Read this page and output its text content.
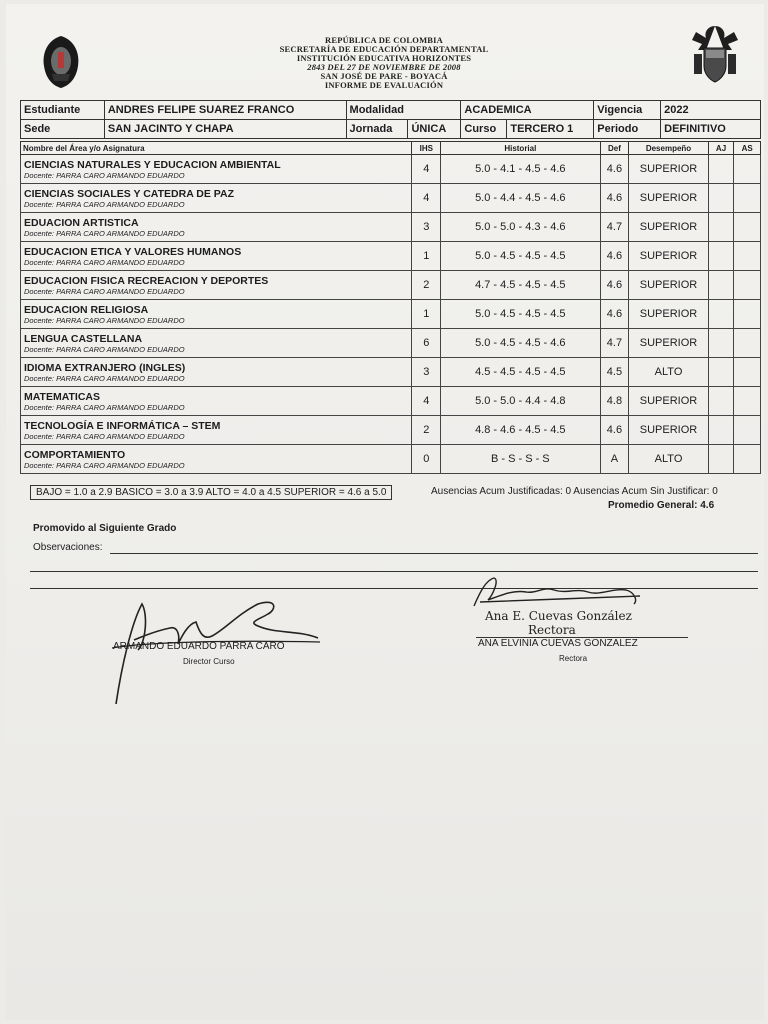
REPÚBLICA DE COLOMBIA
SECRETARÍA DE EDUCACIÓN DEPARTAMENTAL
INSTITUCIÓN EDUCATIVA HORIZONTES
2843 DEL 27 DE NOVIEMBRE DE 2008
SAN JOSÉ DE PARE - BOYACÁ
INFORME DE EVALUACIÓN
Estudiante	ANDRES FELIPE SUAREZ FRANCO	Modalidad		ACADEMICA		Vigencia	2022
Sede	SAN JACINTO Y CHAPA	Jornada	ÚNICA	Curso	TERCERO 1	Periodo	DEFINITIVO
Nombre del Área y/o Asignatura	IHS	Historial	Def	Desempeño	AJ	AS

CIENCIAS NATURALES Y EDUCACION AMBIENTAL
Docente: PARRA CARO ARMANDO EDUARDO	4	5.0 - 4.1 - 4.5 - 4.6	4.6	SUPERIOR		

CIENCIAS SOCIALES Y CATEDRA DE PAZ
Docente: PARRA CARO ARMANDO EDUARDO	4	5.0 - 4.4 - 4.5 - 4.6	4.6	SUPERIOR		

EDUACION ARTISTICA
Docente: PARRA CARO ARMANDO EDUARDO	3	5.0 - 5.0 - 4.3 - 4.6	4.7	SUPERIOR		

EDUCACION ETICA Y VALORES HUMANOS
Docente: PARRA CARO ARMANDO EDUARDO	1	5.0 - 4.5 - 4.5 - 4.5	4.6	SUPERIOR		

EDUCACION FISICA RECREACION Y DEPORTES
Docente: PARRA CARO ARMANDO EDUARDO	2	4.7 - 4.5 - 4.5 - 4.5	4.6	SUPERIOR		

EDUCACION RELIGIOSA
Docente: PARRA CARO ARMANDO EDUARDO	1	5.0 - 4.5 - 4.5 - 4.5	4.6	SUPERIOR		

LENGUA CASTELLANA
Docente: PARRA CARO ARMANDO EDUARDO	6	5.0 - 4.5 - 4.5 - 4.6	4.7	SUPERIOR		

IDIOMA EXTRANJERO (INGLES)
Docente: PARRA CARO ARMANDO EDUARDO	3	4.5 - 4.5 - 4.5 - 4.5	4.5	ALTO		

MATEMATICAS
Docente: PARRA CARO ARMANDO EDUARDO	4	5.0 - 5.0 - 4.4 - 4.8	4.8	SUPERIOR		

TECNOLOGÍA E INFORMÁTICA – STEM
Docente: PARRA CARO ARMANDO EDUARDO	2	4.8 - 4.6 - 4.5 - 4.5	4.6	SUPERIOR		

COMPORTAMIENTO
Docente: PARRA CARO ARMANDO EDUARDO	0	B - S - S - S	A	ALTO		
BAJO = 1.0 a 2.9 BASICO = 3.0 a 3.9 ALTO = 4.0 a 4.5 SUPERIOR = 4.6 a 5.0	Ausencias Acum Justificadas: 0 Ausencias Acum Sin Justificar: 0
Promedio General: 4.6
Promovido al Siguiente Grado
Observaciones:
ARMANDO EDUARDO PARRA CARO
Director Curso
Ana E. Cuevas González
Rectora
ANA ELVINIA CUEVAS GONZALEZ
Rectora
